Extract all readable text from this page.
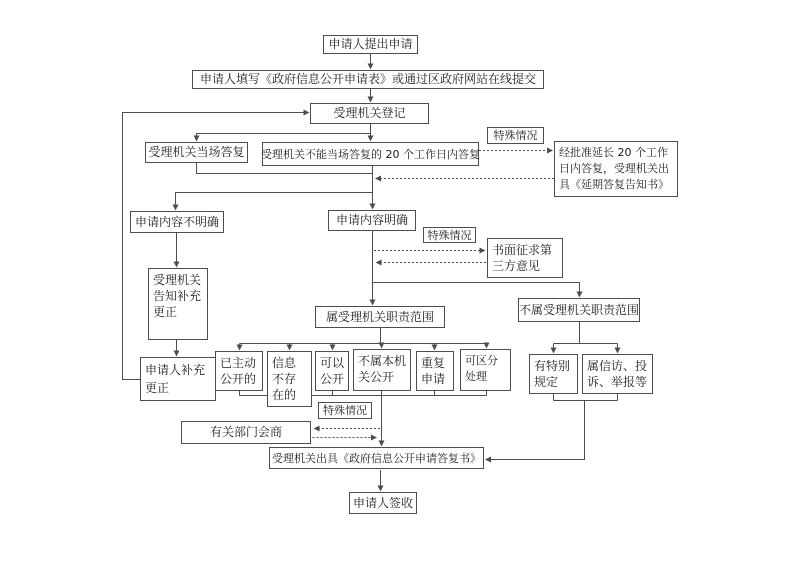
申请人提出申请
申请人填写《政府信息公开申请表》或通过区政府网站在线提交
受理机关登记
受理机关当场答复	受理机关不能当场答复的 20 个工作日内答复
特殊情况
经批准延长 20 个工作日内答复，受理机关出具《延期答复告知书》
申请内容不明确	申请内容明确
特殊情况
书面征求第三方意见
受理机关告知补充更正
申请人补充更正
属受理机关职责范围	不属受理机关职责范围
已主动公开的
信息不存在的
可以公开
不属本机关公开
重复申请
可区分处理
有特别规定
属信访、投诉、举报等
特殊情况
有关部门会商
受理机关出具《政府信息公开申请答复书》
申请人签收
